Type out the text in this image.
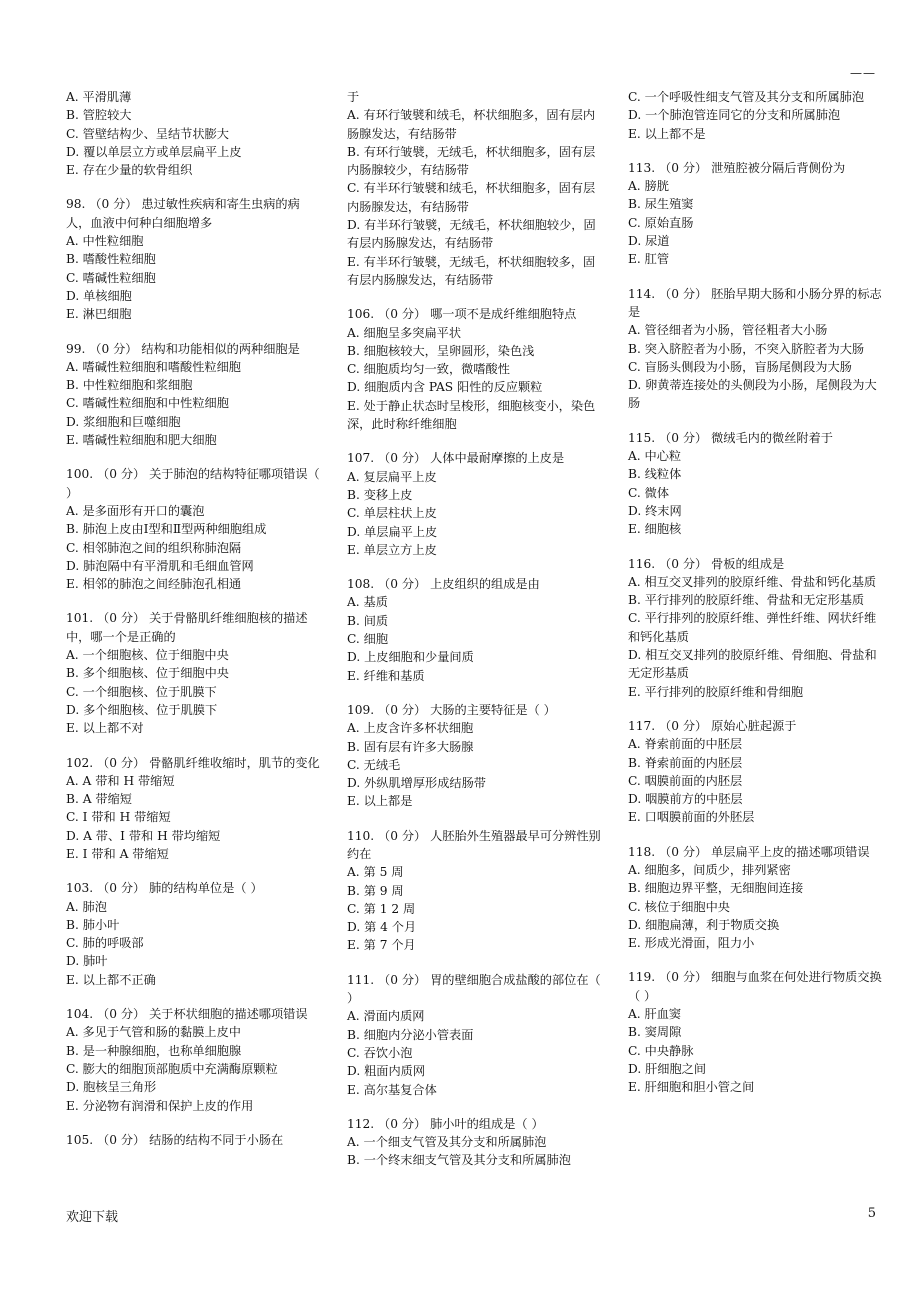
——
A. 平滑肌薄
B. 管腔较大
C. 管壁结构少、呈结节状膨大
D. 覆以单层立方或单层扁平上皮
E. 存在少量的软骨组织
98. （0 分） 患过敏性疾病和寄生虫病的病人，血液中何种白细胞增多
A. 中性粒细胞
B. 嗜酸性粒细胞
C. 嗜碱性粒细胞
D. 单核细胞
E. 淋巴细胞
99. （0 分） 结构和功能相似的两种细胞是
A. 嗜碱性粒细胞和嗜酸性粒细胞
B. 中性粒细胞和浆细胞
C. 嗜碱性粒细胞和中性粒细胞
D. 浆细胞和巨噬细胞
E. 嗜碱性粒细胞和肥大细胞
100. （0 分） 关于肺泡的结构特征哪项错误（ ）
A. 是多面形有开口的囊泡
B. 肺泡上皮由Ⅰ型和Ⅱ型两种细胞组成
C. 相邻肺泡之间的组织称肺泡隔
D. 肺泡隔中有平滑肌和毛细血管网
E. 相邻的肺泡之间经肺泡孔相通
101. （0 分） 关于骨骼肌纤维细胞核的描述中，哪一个是正确的
A. 一个细胞核、位于细胞中央
B. 多个细胞核、位于细胞中央
C. 一个细胞核、位于肌膜下
D. 多个细胞核、位于肌膜下
E. 以上都不对
102. （0 分） 骨骼肌纤维收缩时，肌节的变化
A. A 带和 H 带缩短
B. A 带缩短
C. I 带和 H 带缩短
D. A 带、I 带和 H 带均缩短
E. I 带和 A 带缩短
103. （0 分） 肺的结构单位是（ ）
A. 肺泡
B. 肺小叶
C. 肺的呼吸部
D. 肺叶
E. 以上都不正确
104. （0 分） 关于杯状细胞的描述哪项错误
A. 多见于气管和肠的黏膜上皮中
B. 是一种腺细胞，也称单细胞腺
C. 膨大的细胞顶部胞质中充满酶原颗粒
D. 胞核呈三角形
E. 分泌物有润滑和保护上皮的作用
105. （0 分） 结肠的结构不同于小肠在
于
A. 有环行皱襞和绒毛，杯状细胞多，固有层内肠腺发达，有结肠带
B. 有环行皱襞，无绒毛，杯状细胞多，固有层内肠腺较少，有结肠带
C. 有半环行皱襞和绒毛，杯状细胞多，固有层内肠腺发达，有结肠带
D. 有半环行皱襞，无绒毛，杯状细胞较少，固有层内肠腺发达，有结肠带
E. 有半环行皱襞，无绒毛，杯状细胞较多，固有层内肠腺发达，有结肠带
106. （0 分） 哪一项不是成纤维细胞特点
A. 细胞呈多突扁平状
B. 细胞核较大，呈卵圆形，染色浅
C. 细胞质均匀一致，微嗜酸性
D. 细胞质内含 PAS 阳性的反应颗粒
E. 处于静止状态时呈梭形，细胞核变小，染色深，此时称纤维细胞
107. （0 分） 人体中最耐摩擦的上皮是
A. 复层扁平上皮
B. 变移上皮
C. 单层柱状上皮
D. 单层扁平上皮
E. 单层立方上皮
108. （0 分） 上皮组织的组成是由
A. 基质
B. 间质
C. 细胞
D. 上皮细胞和少量间质
E. 纤维和基质
109. （0 分） 大肠的主要特征是（ ）
A. 上皮含许多杯状细胞
B. 固有层有许多大肠腺
C. 无绒毛
D. 外纵肌增厚形成结肠带
E. 以上都是
110. （0 分） 人胚胎外生殖器最早可分辨性别约在
A. 第 5 周
B. 第 9 周
C. 第 1 2 周
D. 第 4 个月
E. 第 7 个月
111. （0 分） 胃的壁细胞合成盐酸的部位在（ ）
A. 滑面内质网
B. 细胞内分泌小管表面
C. 吞饮小泡
D. 粗面内质网
E. 高尔基复合体
112. （0 分） 肺小叶的组成是（ ）
A. 一个细支气管及其分支和所属肺泡
B. 一个终末细支气管及其分支和所属肺泡
C. 一个呼吸性细支气管及其分支和所属肺泡
D. 一个肺泡管连同它的分支和所属肺泡
E. 以上都不是
113. （0 分） 泄殖腔被分隔后背侧份为
A. 膀胱
B. 尿生殖窦
C. 原始直肠
D. 尿道
E. 肛管
114. （0 分） 胚胎早期大肠和小肠分界的标志是
A. 管径细者为小肠，管径粗者大小肠
B. 突入脐腔者为小肠，不突入脐腔者为大肠
C. 盲肠头侧段为小肠，盲肠尾侧段为大肠
D. 卵黄蒂连接处的头侧段为小肠，尾侧段为大肠
115. （0 分） 微绒毛内的微丝附着于
A. 中心粒
B. 线粒体
C. 微体
D. 终末网
E. 细胞核
116. （0 分） 骨板的组成是
A. 相互交叉排列的胶原纤维、骨盐和钙化基质
B. 平行排列的胶原纤维、骨盐和无定形基质
C. 平行排列的胶原纤维、弹性纤维、网状纤维和钙化基质
D. 相互交叉排列的胶原纤维、骨细胞、骨盐和无定形基质
E. 平行排列的胶原纤维和骨细胞
117. （0 分） 原始心脏起源于
A. 脊索前面的中胚层
B. 脊索前面的内胚层
C. 咽膜前面的内胚层
D. 咽膜前方的中胚层
E. 口咽膜前面的外胚层
118. （0 分） 单层扁平上皮的描述哪项错误
A. 细胞多，间质少，排列紧密
B. 细胞边界平整，无细胞间连接
C. 核位于细胞中央
D. 细胞扁薄，利于物质交换
E. 形成光滑面，阻力小
119. （0 分） 细胞与血浆在何处进行物质交换（ ）
A. 肝血窦
B. 窦周隙
C. 中央静脉
D. 肝细胞之间
E. 肝细胞和胆小管之间
欢迎下载	5
